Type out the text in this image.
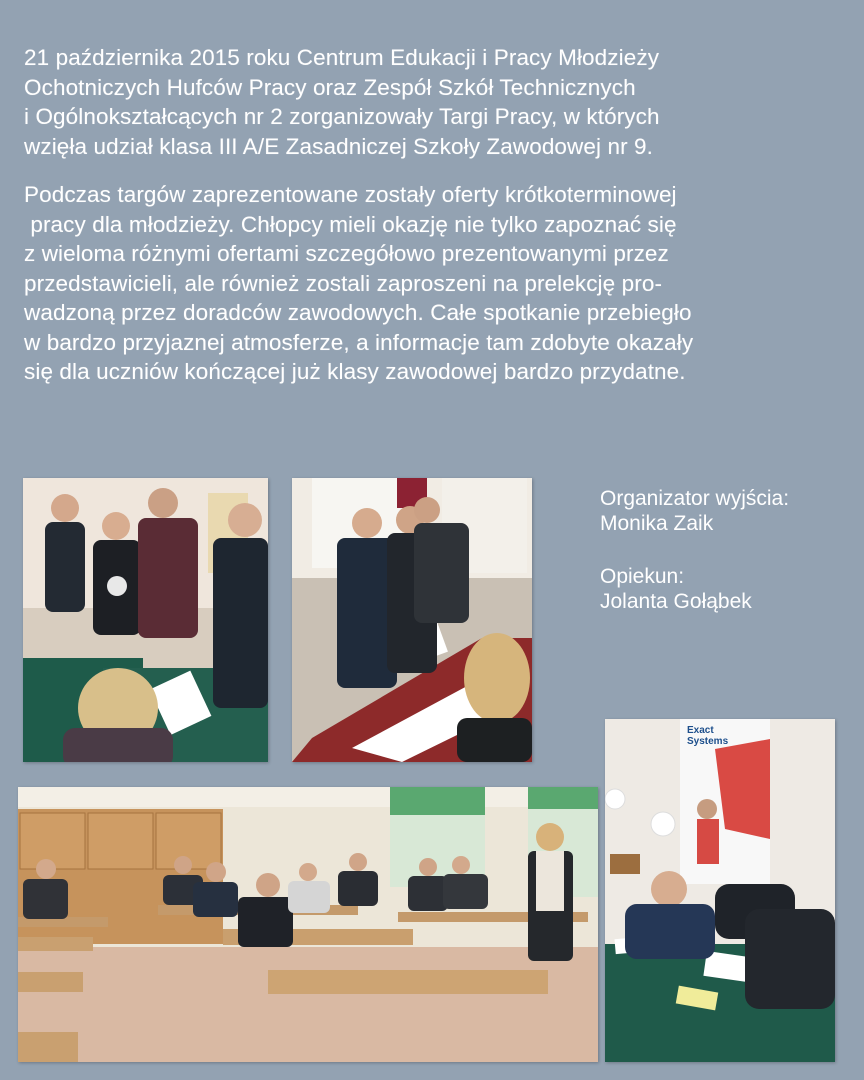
21 października 2015 roku Centrum Edukacji i Pracy Młodzieży
Ochotniczych Hufców Pracy oraz Zespół Szkół Technicznych
i Ogólnokształcących nr 2 zorganizowały Targi Pracy, w których
wzięła udział klasa III A/E Zasadniczej Szkoły Zawodowej nr 9.
Podczas targów zaprezentowane zostały oferty krótkoterminowej
pracy dla młodzieży. Chłopcy mieli okazję nie tylko zapoznać się
z wieloma różnymi ofertami szczegółowo prezentowanymi przez
przedstawicieli, ale również zostali zaproszeni na prelekcję pro-
wadzoną przez doradców zawodowych. Całe spotkanie przebiegło
w bardzo przyjaznej atmosferze, a informacje tam zdobyte okazały
się dla uczniów kończącej już klasy zawodowej bardzo przydatne.
Organizator wyjścia:
Monika Zaik
Opiekun:
Jolanta Gołąbek
Exact
Systems
